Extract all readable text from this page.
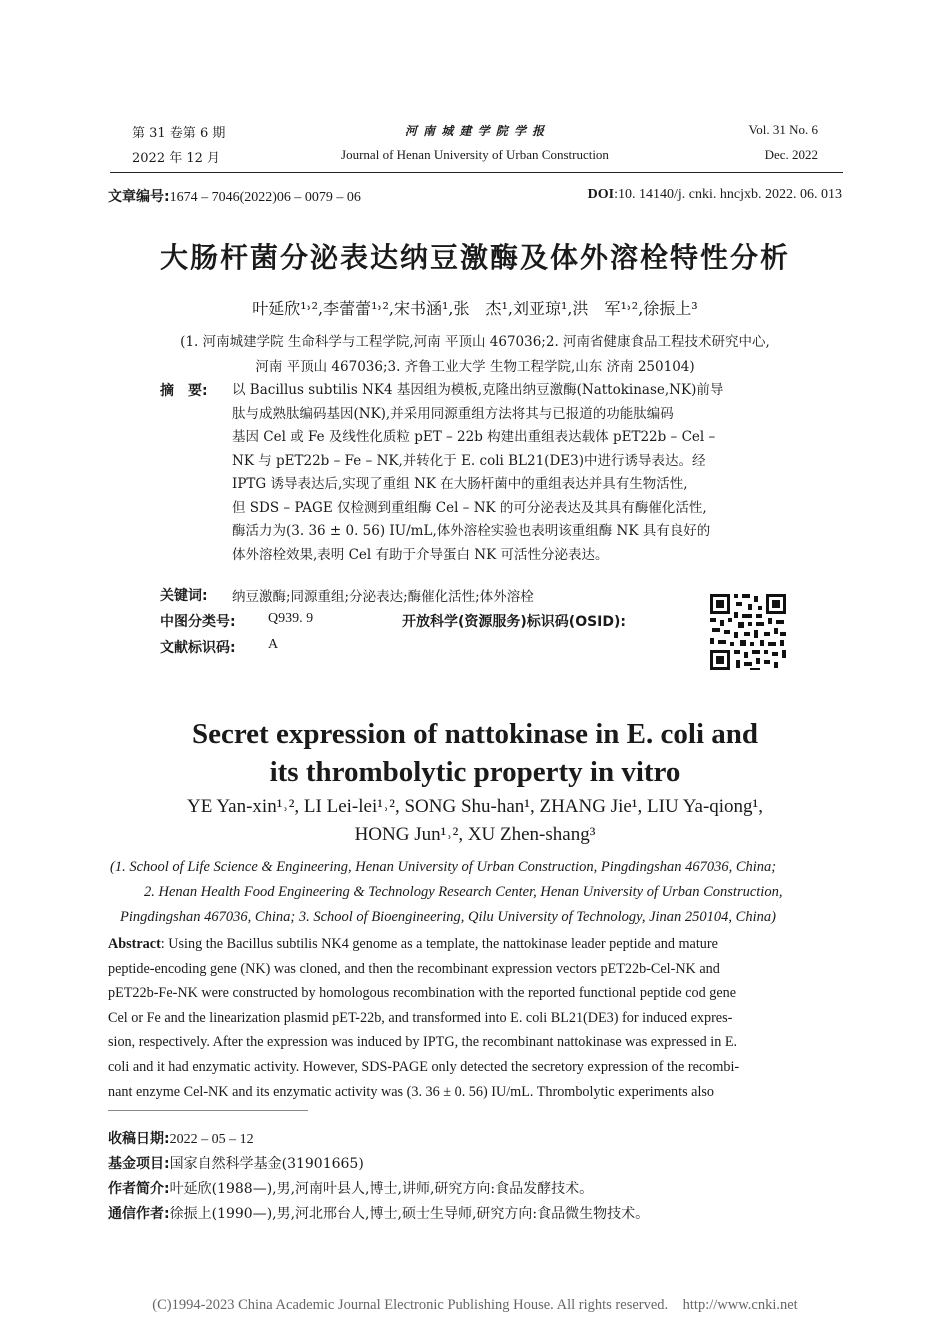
第 31 卷第 6 期
2022 年 12 月
河 南 城 建 学 院 学 报
Journal of Henan University of Urban Construction
Vol. 31 No. 6
Dec. 2022
文章编号:1674 – 7046(2022)06 – 0079 – 06	DOI:10. 14140/j. cnki. hncjxb. 2022. 06. 013
大肠杆菌分泌表达纳豆激酶及体外溶栓特性分析
叶延欣¹˒²,李蕾蕾¹˒²,宋书涵¹,张　杰¹,刘亚琼¹,洪　军¹˒²,徐振上³
(1. 河南城建学院 生命科学与工程学院,河南 平顶山 467036;2. 河南省健康食品工程技术研究中心,
河南 平顶山 467036;3. 齐鲁工业大学 生物工程学院,山东 济南 250104)
摘　要: 以 Bacillus subtilis NK4 基因组为模板,克隆出纳豆激酶(Nattokinase,NK)前导
肽与成熟肽编码基因(NK),并采用同源重组方法将其与已报道的功能肽编码
基因 Cel 或 Fe 及线性化质粒 pET – 22b 构建出重组表达载体 pET22b – Cel –
NK 与 pET22b – Fe – NK,并转化于 E. coli BL21(DE3)中进行诱导表达。经
IPTG 诱导表达后,实现了重组 NK 在大肠杆菌中的重组表达并具有生物活性,
但 SDS – PAGE 仅检测到重组酶 Cel – NK 的可分泌表达及其具有酶催化活性,
酶活力为(3. 36 ± 0. 56) IU/mL,体外溶栓实验也表明该重组酶 NK 具有良好的
体外溶栓效果,表明 Cel 有助于介导蛋白 NK 可活性分泌表达。
关键词: 纳豆激酶;同源重组;分泌表达;酶催化活性;体外溶栓
中图分类号: Q939. 9	开放科学(资源服务)标识码(OSID):
文献标识码: A
Secret expression of nattokinase in E. coli and
its thrombolytic property in vitro
YE Yan-xin¹˒², LI Lei-lei¹˒², SONG Shu-han¹, ZHANG Jie¹, LIU Ya-qiong¹,
HONG Jun¹˒², XU Zhen-shang³
(1. School of Life Science & Engineering, Henan University of Urban Construction, Pingdingshan 467036, China;
2. Henan Health Food Engineering & Technology Research Center, Henan University of Urban Construction,
Pingdingshan 467036, China; 3. School of Bioengineering, Qilu University of Technology, Jinan 250104, China)
Abstract: Using the Bacillus subtilis NK4 genome as a template, the nattokinase leader peptide and mature
peptide-encoding gene (NK) was cloned, and then the recombinant expression vectors pET22b-Cel-NK and
pET22b-Fe-NK were constructed by homologous recombination with the reported functional peptide cod gene
Cel or Fe and the linearization plasmid pET-22b, and transformed into E. coli BL21(DE3) for induced expres-
sion, respectively. After the expression was induced by IPTG, the recombinant nattokinase was expressed in E.
coli and it had enzymatic activity. However, SDS-PAGE only detected the secretory expression of the recombi-
nant enzyme Cel-NK and its enzymatic activity was (3. 36 ± 0. 56) IU/mL. Thrombolytic experiments also
收稿日期:2022 – 05 – 12
基金项目:国家自然科学基金(31901665)
作者简介:叶延欣(1988—),男,河南叶县人,博士,讲师,研究方向:食品发酵技术。
通信作者:徐振上(1990—),男,河北邢台人,博士,硕士生导师,研究方向:食品微生物技术。
(C)1994-2023 China Academic Journal Electronic Publishing House. All rights reserved.    http://www.cnki.net
